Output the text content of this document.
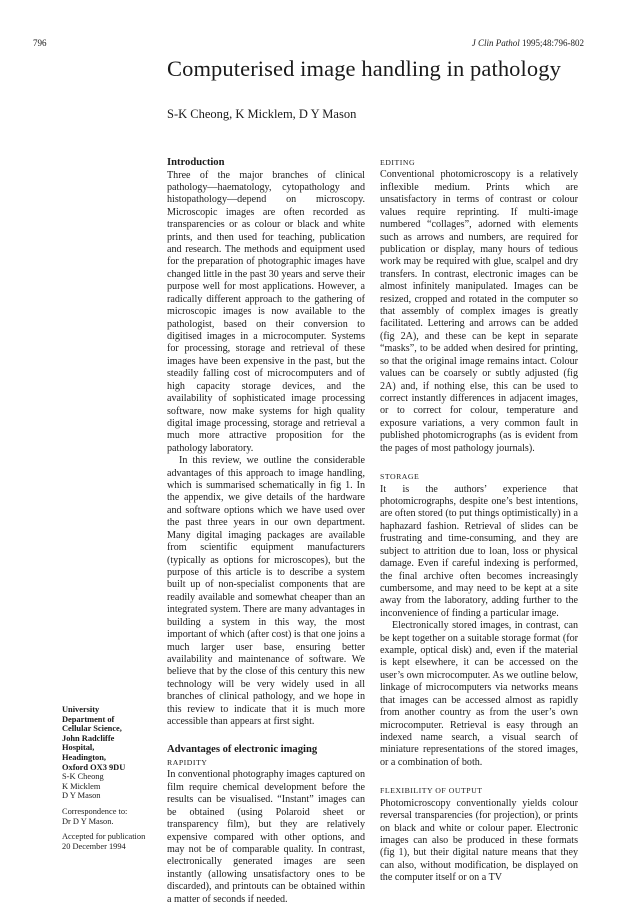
796	J Clin Pathol 1995;48:796-802
Computerised image handling in pathology
S-K Cheong, K Micklem, D Y Mason
Introduction

Three of the major branches of clinical pathology—haematology, cytopathology and histopathology—depend on microscopy. Microscopic images are often recorded as transparencies or as colour or black and white prints, and then used for teaching, publication and research. The methods and equipment used for the preparation of photographic images have changed little in the past 30 years and serve their purpose well for most applications. However, a radically different approach to the gathering of microscopic images is now available to the pathologist, based on their conversion to digitised images in a microcomputer. Systems for processing, storage and retrieval of these images have been expensive in the past, but the steadily falling cost of microcomputers and of high capacity storage devices, and the availability of sophisticated image processing software, now make systems for high quality digital image processing, storage and retrieval a much more attractive proposition for the pathology laboratory.

In this review, we outline the considerable advantages of this approach to image handling, which is summarised schematically in fig 1. In the appendix, we give details of the hardware and software options which we have used over the past three years in our own department. Many digital imaging packages are available from scientific equipment manufacturers (typically as options for microscopes), but the purpose of this article is to describe a system built up of non-specialist components that are readily available and somewhat cheaper than an integrated system. There are many advantages in building a system in this way, the most important of which (after cost) is that one joins a much larger user base, ensuring better availability and maintenance of software. We believe that by the close of this century this new technology will be very widely used in all branches of clinical pathology, and we hope in this review to indicate that it is much more accessible than appears at first sight.

Advantages of electronic imaging
RAPIDITY

In conventional photography images captured on film require chemical development before the results can be visualised. “Instant” images can be obtained (using Polaroid sheet or transparency film), but they are relatively expensive compared with other options, and may not be of comparable quality. In contrast, electronically generated images are seen instantly (allowing unsatisfactory ones to be discarded), and printouts can be obtained within a matter of seconds if needed.

EDITING

Conventional photomicroscopy is a relatively inflexible medium. Prints which are unsatisfactory in terms of contrast or colour values require reprinting. If multi-image numbered “collages”, adorned with elements such as arrows and numbers, are required for publication or display, many hours of tedious work may be required with glue, scalpel and dry transfers. In contrast, electronic images can be almost infinitely manipulated. Images can be resized, cropped and rotated in the computer so that assembly of complex images is greatly facilitated. Lettering and arrows can be added (fig 2A), and these can be kept in separate “masks”, to be added when desired for printing, so that the original image remains intact. Colour values can be coarsely or subtly adjusted (fig 2A) and, if nothing else, this can be used to correct instantly differences in adjacent images, or to correct for colour, temperature and exposure variations, a very common fault in published photomicrographs (as is evident from the pages of most pathology journals).

STORAGE

It is the authors’ experience that photomicrographs, despite one’s best intentions, are often stored (to put things optimistically) in a haphazard fashion. Retrieval of slides can be frustrating and time-consuming, and they are subject to attrition due to loan, loss or physical damage. Even if careful indexing is performed, the final archive often becomes increasingly cumbersome, and may need to be kept at a site away from the laboratory, adding further to the inconvenience of finding a particular image.

Electronically stored images, in contrast, can be kept together on a suitable storage format (for example, optical disk) and, even if the material is kept elsewhere, it can be accessed on the user’s own microcomputer. As we outline below, linkage of microcomputers via networks means that images can be accessed almost as rapidly from another country as from the user’s own microcomputer. Retrieval is easy through an indexed name search, a visual search of miniature representations of the stored images, or a combination of both.

FLEXIBILITY OF OUTPUT

Photomicroscopy conventionally yields colour reversal transparencies (for projection), or prints on black and white or colour paper. Electronic images can also be produced in these formats (fig 1), but their digital nature means that they can also, without modification, be displayed on the computer itself or on a TV

University
Department of
Cellular Science,
John Radcliffe
Hospital,
Headington,
Oxford OX3 9DU
S-K Cheong
K Micklem
D Y Mason
Correspondence to:
Dr D Y Mason.
Accepted for publication
20 December 1994
